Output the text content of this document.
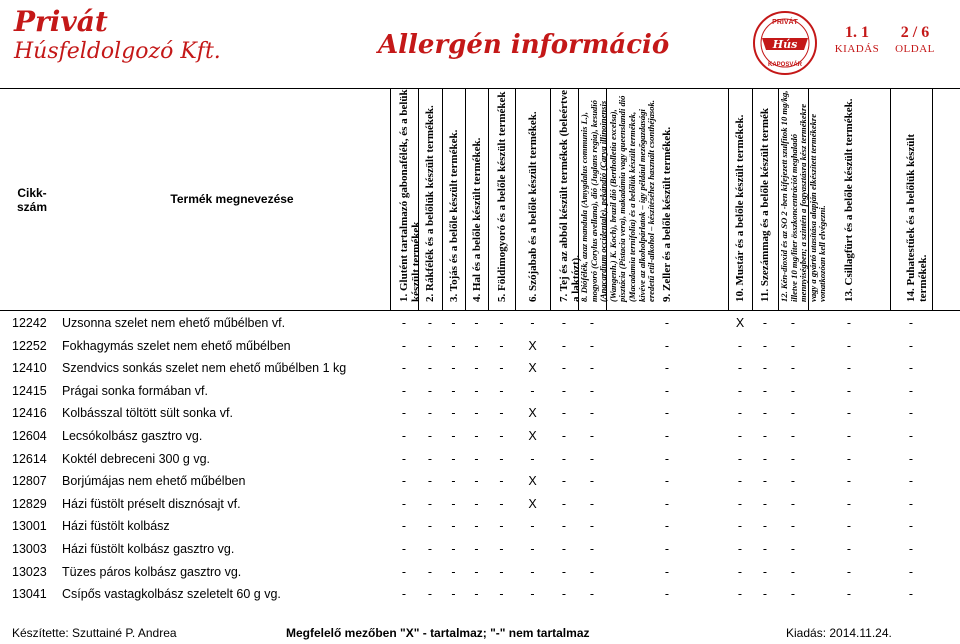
Privát
Húsfeldolgozó Kft.	Allergén információ
PRIVÁT
Hús
KAPOSVÁR
1. 1
KIADÁS
2 / 6
OLDAL
Cikk-
szám
Termék megnevezése	1. Glutént tartalmazó gabonafélék, és a belük készült termékek 2. Rákfélék és a belőlük készült termékek.	3. Tojás és a belőle készült termékek.	4. Hal és a belőle készült termékek.	5. Földimogyoró és a belőle készült termékek	6. Szójabab és a belőle készült termékek.	7. Tej és az abból készült termékek (beleértve a laktózt).
8. Diófélék, azaz mandula (Amygdalus communis L.), mogyoró (Corylus avellana), dió (Juglans regia), kesudió (Anacardium occidentale), pekándió (Carya illinoinensis (Wangenh.) K. Koch), brazil dió (Bertholletia excelsa), pisztácia (Pistacia vera), makadámia vagy queenslandi dió (Macadamia ternifolia) és a belőlük készült termékek, kivéve az alkoholpárlatok – így például mezőgazdasági eredetű etil-alkohol – készítéséhez használt csonthéjasok. 9. Zeller és a belőle készült termékek.	10. Mustár és a belőle készült termékek.	11. Szezámmag és a belőle készült termék 12. Kén-dioxid és az SO 2 -ben kifejezett szulfitok 10 mg/kg, illetve 10 mg/liter összkoncentrációt meghaladó mennyiségben; a szintén a fogyasztásra kész termékekre vagy a gyártó utasítása alapján elkészített termékekre vonatkozóan kell elvégezni. 13. Csillagfürt és a belőle készült termékek.	14. Puhatestűek és a belőlük készült termékek.
12242 Uzsonna szelet nem ehető műbélben vf.	-	-	-	-	-	-	-	-	-	X	-	-	-	-
12252 Fokhagymás szelet nem ehető műbélben	-	-	-	-	-	X	-	-	-	-	-	-	-	-
12410 Szendvics sonkás szelet nem ehető műbélben 1 kg	-	-	-	-	-	X	-	-	-	-	-	-	-	-
12415 Prágai sonka formában vf.	-	-	-	-	-	-	-	-	-	-	-	-	-	-
12416 Kolbásszal töltött sült sonka vf.	-	-	-	-	-	X	-	-	-	-	-	-	-	-
12604 Lecsókolbász gasztro vg.	-	-	-	-	-	X	-	-	-	-	-	-	-	-
12614 Koktél debreceni 300 g vg.	-	-	-	-	-	-	-	-	-	-	-	-	-	-
12807 Borjúmájas nem ehető műbélben	-	-	-	-	-	X	-	-	-	-	-	-	-	-
12829 Házi füstölt préselt disznósajt vf.	-	-	-	-	-	X	-	-	-	-	-	-	-	-
13001 Házi füstölt kolbász	-	-	-	-	-	-	-	-	-	-	-	-	-	-
13003 Házi füstölt kolbász gasztro vg.	-	-	-	-	-	-	-	-	-	-	-	-	-	-
13023 Tüzes páros kolbász gasztro vg.	-	-	-	-	-	-	-	-	-	-	-	-	-	-
13041 Csípős vastagkolbász szeletelt 60 g vg.	-	-	-	-	-	-	-	-	-	-	-	-	-	-
Készítette: Szuttainé P. Andrea	Megfelelő mezőben "X" - tartalmaz; "-" nem tartalmaz	Kiadás: 2014.11.24.
